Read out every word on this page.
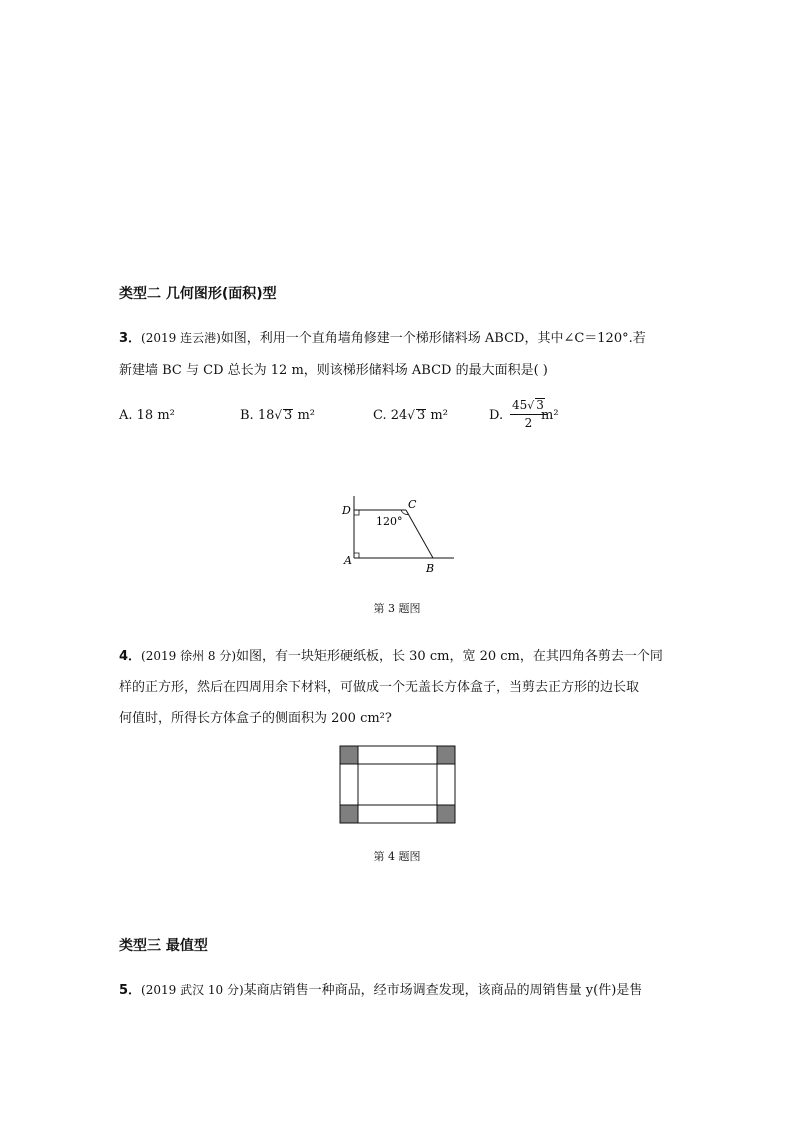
类型二 几何图形(面积)型
3．(2019 连云港)如图，利用一个直角墙角修建一个梯形储料场 ABCD，其中∠C＝120°.若
新建墙 BC 与 CD 总长为 12 m，则该梯形储料场 ABCD 的最大面积是( )
A. 18 m²	B. 18√ 3 m²	C. 24√ 3 m²	D. $\frac{45√ 3}{2}$
m²
D	C
A
B
120°
第 3 题图
4．(2019 徐州 8 分)如图，有一块矩形硬纸板，长 30 cm，宽 20 cm，在其四角各剪去一个同
样的正方形，然后在四周用余下材料，可做成一个无盖长方体盒子，当剪去正方形的边长取
何值时，所得长方体盒子的侧面积为 200 cm²?
第 4 题图
类型三 最值型
5．(2019 武汉 10 分)某商店销售一种商品，经市场调查发现，该商品的周销售量 y(件)是售
